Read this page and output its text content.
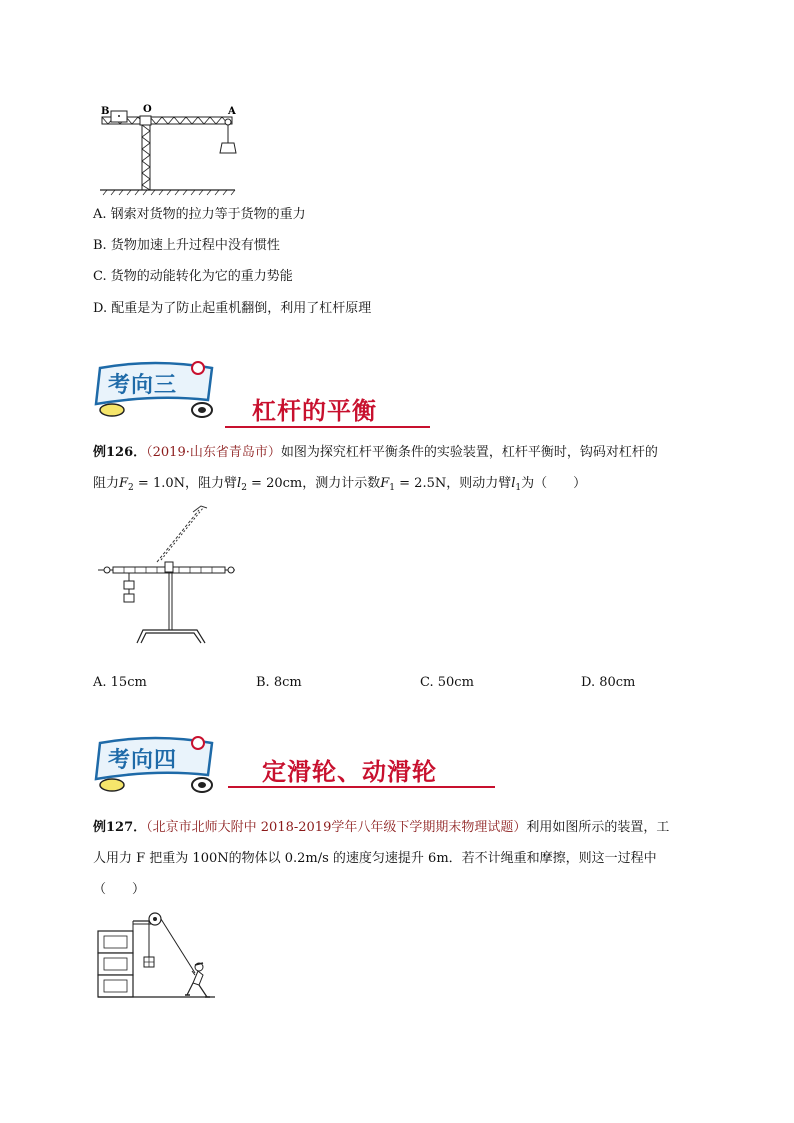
B	O	A
A. 钢索对货物的拉力等于货物的重力
B. 货物加速上升过程中没有惯性
C. 货物的动能转化为它的重力势能
D. 配重是为了防止起重机翻倒，利用了杠杆原理
考向三
杠杆的平衡
例126．（2019·山东省青岛市）如图为探究杠杆平衡条件的实验装置，杠杆平衡时，钩码对杠杆的
阻力$F_2 = 1.0N$，阻力臂$l_2 = 20cm$，测力计示数$F_1 = 2.5N$，则动力臂$l_1$为（　　）
A. 15cm	B. 8cm	C. 50cm	D. 80cm
考向四	定滑轮、动滑轮
例127．（北京市北师大附中 2018-2019学年八年级下学期期末物理试题）利用如图所示的装置，工
人用力 F 把重为 100N的物体以 0.2m/s 的速度匀速提升 6m．若不计绳重和摩擦，则这一过程中
（　　）
